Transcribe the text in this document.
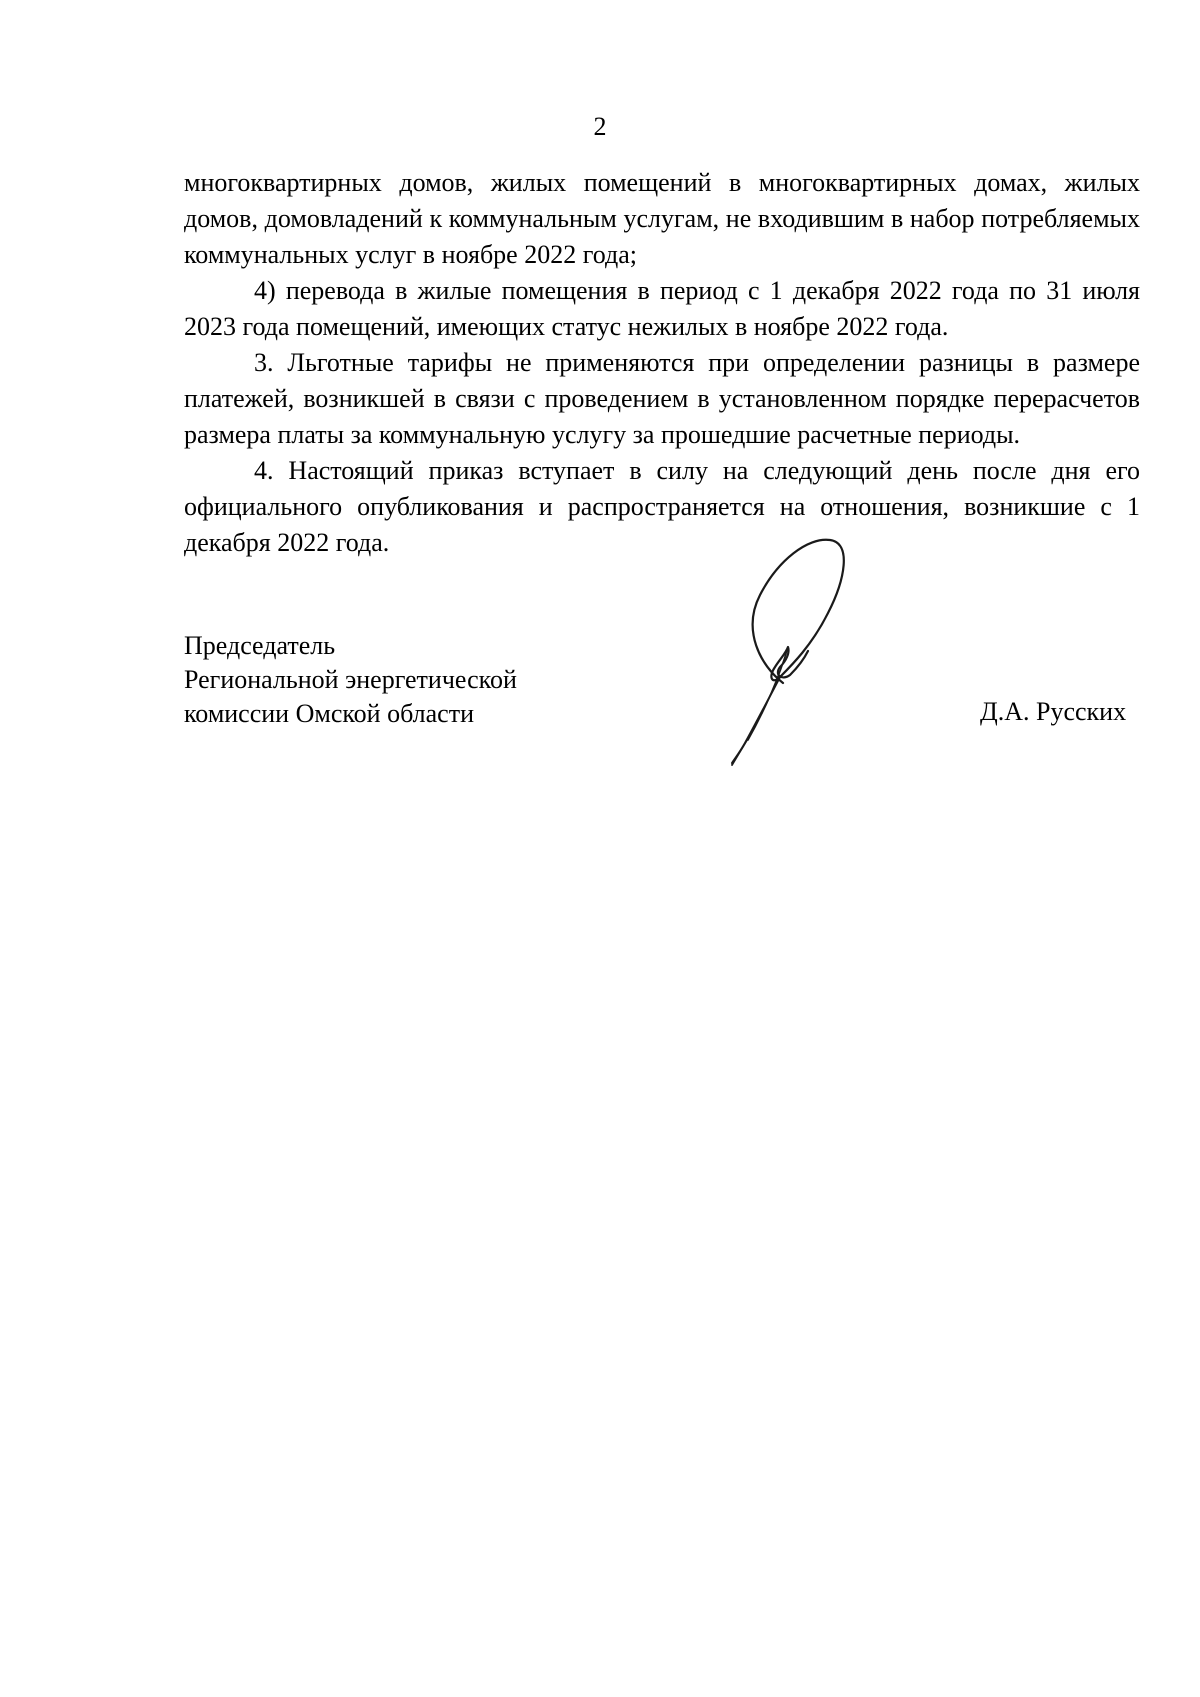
2

многоквартирных домов, жилых помещений в многоквартирных домах, жилых домов, домовладений к коммунальным услугам, не входившим в набор потребляемых коммунальных услуг в ноябре 2022 года;

4) перевода в жилые помещения в период с 1 декабря 2022 года по 31 июля 2023 года помещений, имеющих статус нежилых в ноябре 2022 года.

3. Льготные тарифы не применяются при определении разницы в размере платежей, возникшей в связи с проведением в установленном порядке перерасчетов размера платы за коммунальную услугу за прошедшие расчетные периоды.

4. Настоящий приказ вступает в силу на следующий день после дня его официального опубликования и распространяется на отношения, возникшие с 1 декабря 2022 года.

Председатель
Региональной энергетической
комиссии Омской области	Д.А. Русских
